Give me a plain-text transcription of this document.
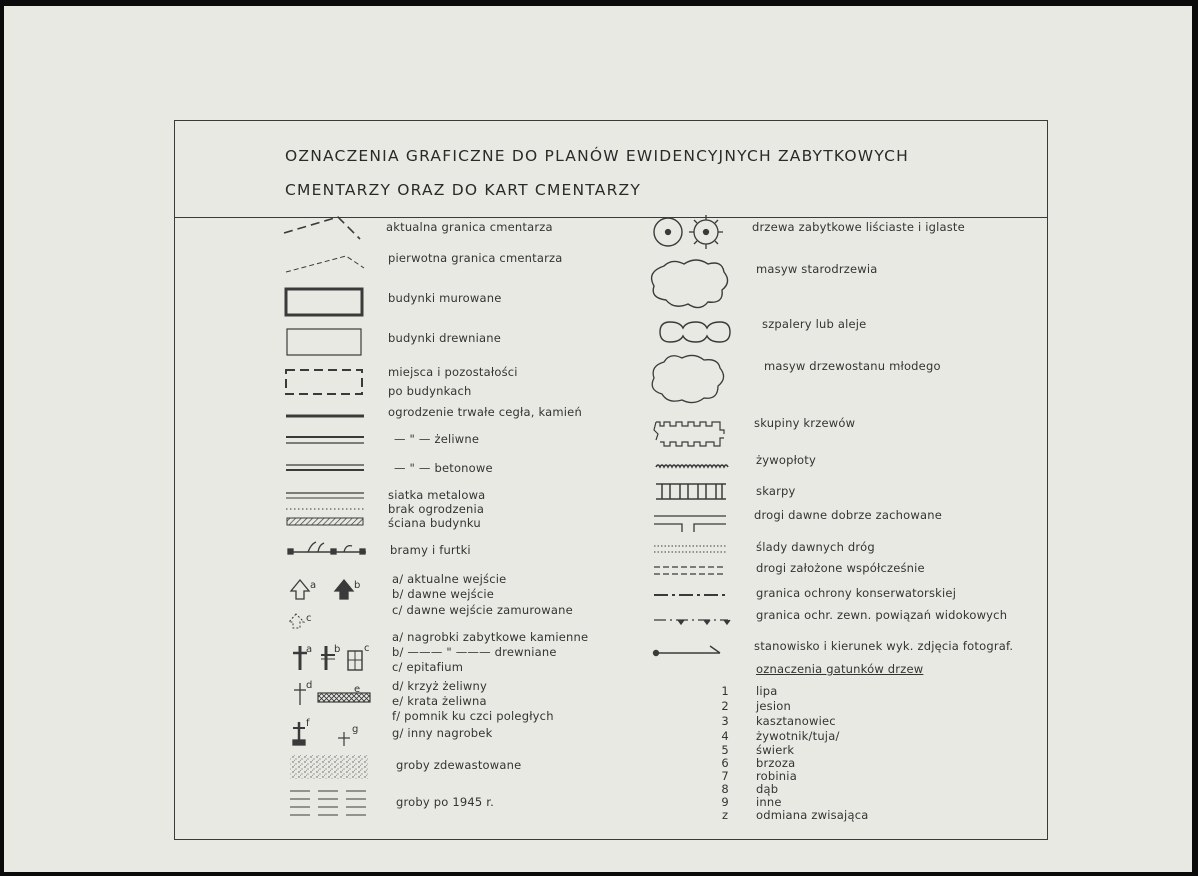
OZNACZENIA GRAFICZNE DO PLANÓW EWIDENCYJNYCH ZABYTKOWYCH
CMENTARZY ORAZ DO KART CMENTARZY
aktualna granica cmentarza
pierwotna granica cmentarza
budynki murowane
budynki drewniane
miejsca i pozostałości
po budynkach
ogrodzenie trwałe cegła, kamień
— " — żeliwne
— " — betonowe
siatka metalowa
brak ogrodzenia
ściana budynku
bramy i furtki
a/ aktualne wejście
b/ dawne wejście
c/ dawne wejście zamurowane
a/ nagrobki zabytkowe kamienne
b/ ——— " ——— drewniane
c/ epitafium
d/ krzyż żeliwny
e/ krata żeliwna
f/ pomnik ku czci poległych
g/ inny nagrobek
groby zdewastowane
groby po 1945 r.
drzewa zabytkowe liściaste i iglaste
masyw starodrzewia
szpalery lub aleje
masyw drzewostanu młodego
skupiny krzewów
żywopłoty
skarpy
drogi dawne dobrze zachowane
ślady dawnych dróg
drogi założone współcześnie
granica ochrony konserwatorskiej
granica ochr. zewn. powiązań widokowych
stanowisko i kierunek wyk. zdjęcia fotograf.
oznaczenia gatunków drzew
a	b
c
a b c
d	e
f
g
1 lipa
2 jesion
3 kasztanowiec
4 żywotnik/tuja/
5 świerk
6 brzoza
7 robinia
8 dąb
9 inne
z	odmiana zwisająca
